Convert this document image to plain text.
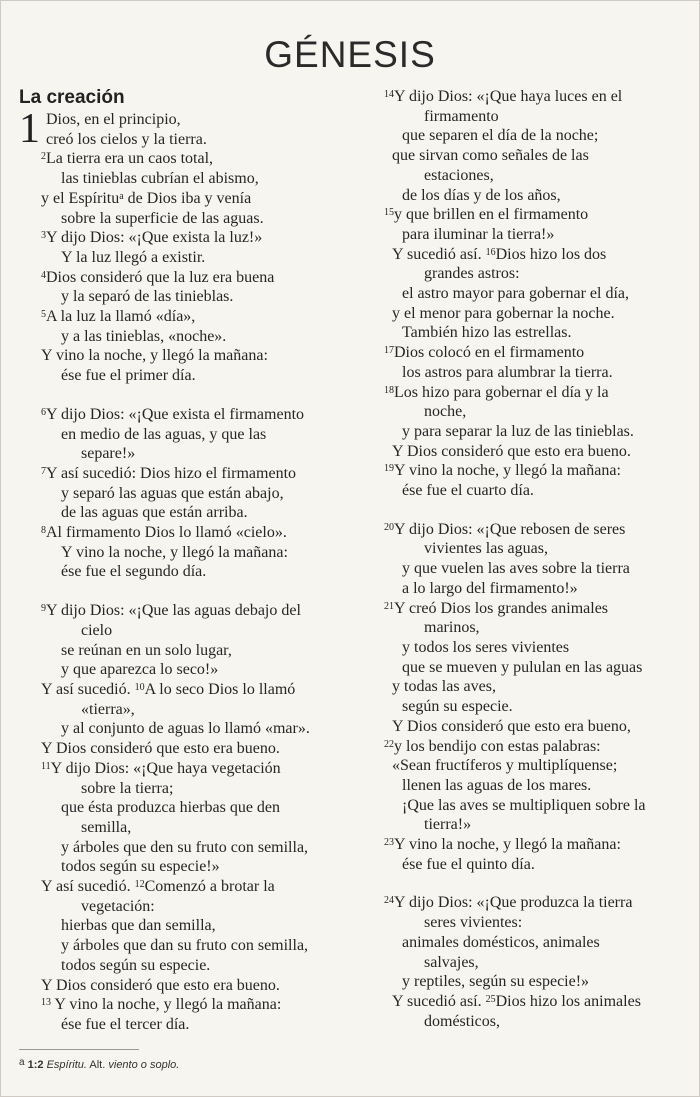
GÉNESIS
La creación
1 Dios, en el principio,
creó los cielos y la tierra.
$^2$La tierra era un caos total,
las tinieblas cubrían el abismo,
y el Espíritu$^a$ de Dios iba y venía
sobre la superficie de las aguas.
$^3$Y dijo Dios: «¡Que exista la luz!»
Y la luz llegó a existir.
$^4$Dios consideró que la luz era buena
y la separó de las tinieblas.
$^5$A la luz la llamó «día»,
y a las tinieblas, «noche».
Y vino la noche, y llegó la mañana:
ése fue el primer día.
$^6$Y dijo Dios: «¡Que exista el firmamento
en medio de las aguas, y que las
separe!»
$^7$Y así sucedió: Dios hizo el firmamento
y separó las aguas que están abajo,
de las aguas que están arriba.
$^8$Al firmamento Dios lo llamó «cielo».
Y vino la noche, y llegó la mañana:
ése fue el segundo día.
$^9$Y dijo Dios: «¡Que las aguas debajo del
cielo
se reúnan en un solo lugar,
y que aparezca lo seco!»
Y así sucedió. $^{10}$A lo seco Dios lo llamó
«tierra»,
y al conjunto de aguas lo llamó «mar».
Y Dios consideró que esto era bueno.
$^{11}$Y dijo Dios: «¡Que haya vegetación
sobre la tierra;
que ésta produzca hierbas que den
semilla,
y árboles que den su fruto con semilla,
todos según su especie!»
Y así sucedió. $^{12}$Comenzó a brotar la
vegetación:
hierbas que dan semilla,
y árboles que dan su fruto con semilla,
todos según su especie.
Y Dios consideró que esto era bueno.
$^{13}$ Y vino la noche, y llegó la mañana:
ése fue el tercer día.
$^{14}$Y dijo Dios: «¡Que haya luces en el
firmamento
que separen el día de la noche;
que sirvan como señales de las
estaciones,
de los días y de los años,
$^{15}$y que brillen en el firmamento
para iluminar la tierra!»
Y sucedió así. $^{16}$Dios hizo los dos
grandes astros:
el astro mayor para gobernar el día,
y el menor para gobernar la noche.
También hizo las estrellas.
$^{17}$Dios colocó en el firmamento
los astros para alumbrar la tierra.
$^{18}$Los hizo para gobernar el día y la
noche,
y para separar la luz de las tinieblas.
Y Dios consideró que esto era bueno.
$^{19}$Y vino la noche, y llegó la mañana:
ése fue el cuarto día.
$^{20}$Y dijo Dios: «¡Que rebosen de seres
vivientes las aguas,
y que vuelen las aves sobre la tierra
a lo largo del firmamento!»
$^{21}$Y creó Dios los grandes animales
marinos,
y todos los seres vivientes
que se mueven y pululan en las aguas
y todas las aves,
según su especie.
Y Dios consideró que esto era bueno,
$^{22}$y los bendijo con estas palabras:
«Sean fructíferos y multiplíquense;
llenen las aguas de los mares.
¡Que las aves se multipliquen sobre la
tierra!»
$^{23}$Y vino la noche, y llegó la mañana:
ése fue el quinto día.
$^{24}$Y dijo Dios: «¡Que produzca la tierra
seres vivientes:
animales domésticos, animales
salvajes,
y reptiles, según su especie!»
Y sucedió así. $^{25}$Dios hizo los animales
domésticos,
$^a$ 1:2 Espíritu. Alt. viento o soplo.
